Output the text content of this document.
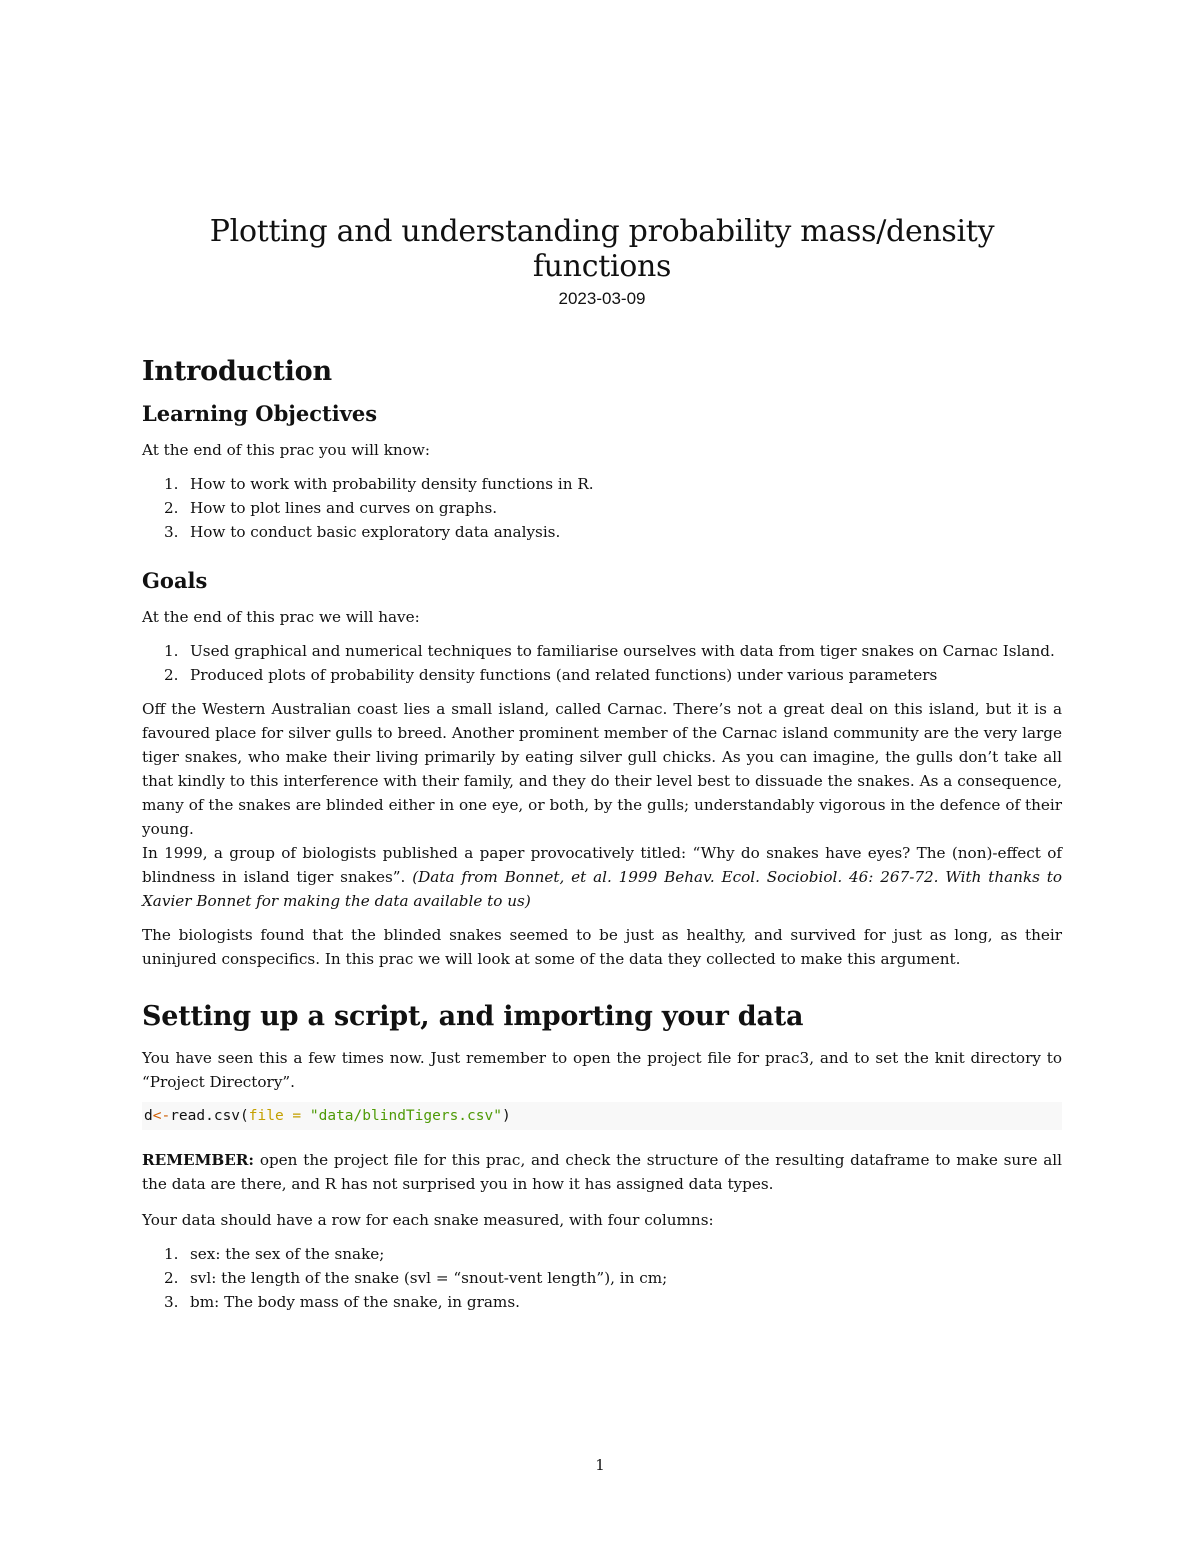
Plotting and understanding probability mass/density functions
2023-03-09
Introduction
Learning Objectives

At the end of this prac you will know:

1. How to work with probability density functions in R.
2. How to plot lines and curves on graphs.
3. How to conduct basic exploratory data analysis.
Goals

At the end of this prac we will have:

1. Used graphical and numerical techniques to familiarise ourselves with data from tiger snakes on Carnac Island.
2. Produced plots of probability density functions (and related functions) under various parameters

Off the Western Australian coast lies a small island, called Carnac. There’s not a great deal on this island, but it is a favoured place for silver gulls to breed. Another prominent member of the Carnac island community are the very large tiger snakes, who make their living primarily by eating silver gull chicks. As you can imagine, the gulls don’t take all that kindly to this interference with their family, and they do their level best to dissuade the snakes. As a consequence, many of the snakes are blinded either in one eye, or both, by the gulls; understandably vigorous in the defence of their young.

In 1999, a group of biologists published a paper provocatively titled: “Why do snakes have eyes? The (non)-effect of blindness in island tiger snakes”. (Data from Bonnet, et al. 1999 Behav. Ecol. Sociobiol. 46: 267-72. With thanks to Xavier Bonnet for making the data available to us)

The biologists found that the blinded snakes seemed to be just as healthy, and survived for just as long, as their uninjured conspecifics. In this prac we will look at some of the data they collected to make this argument.

Setting up a script, and importing your data

You have seen this a few times now. Just remember to open the project file for prac3, and to set the knit directory to “Project Directory”.

d<-read.csv(file = "data/blindTigers.csv")

REMEMBER: open the project file for this prac, and check the structure of the resulting dataframe to make sure all the data are there, and R has not surprised you in how it has assigned data types.

Your data should have a row for each snake measured, with four columns:

1. sex: the sex of the snake;
2. svl: the length of the snake (svl = “snout-vent length”), in cm;
3. bm: The body mass of the snake, in grams.
1
